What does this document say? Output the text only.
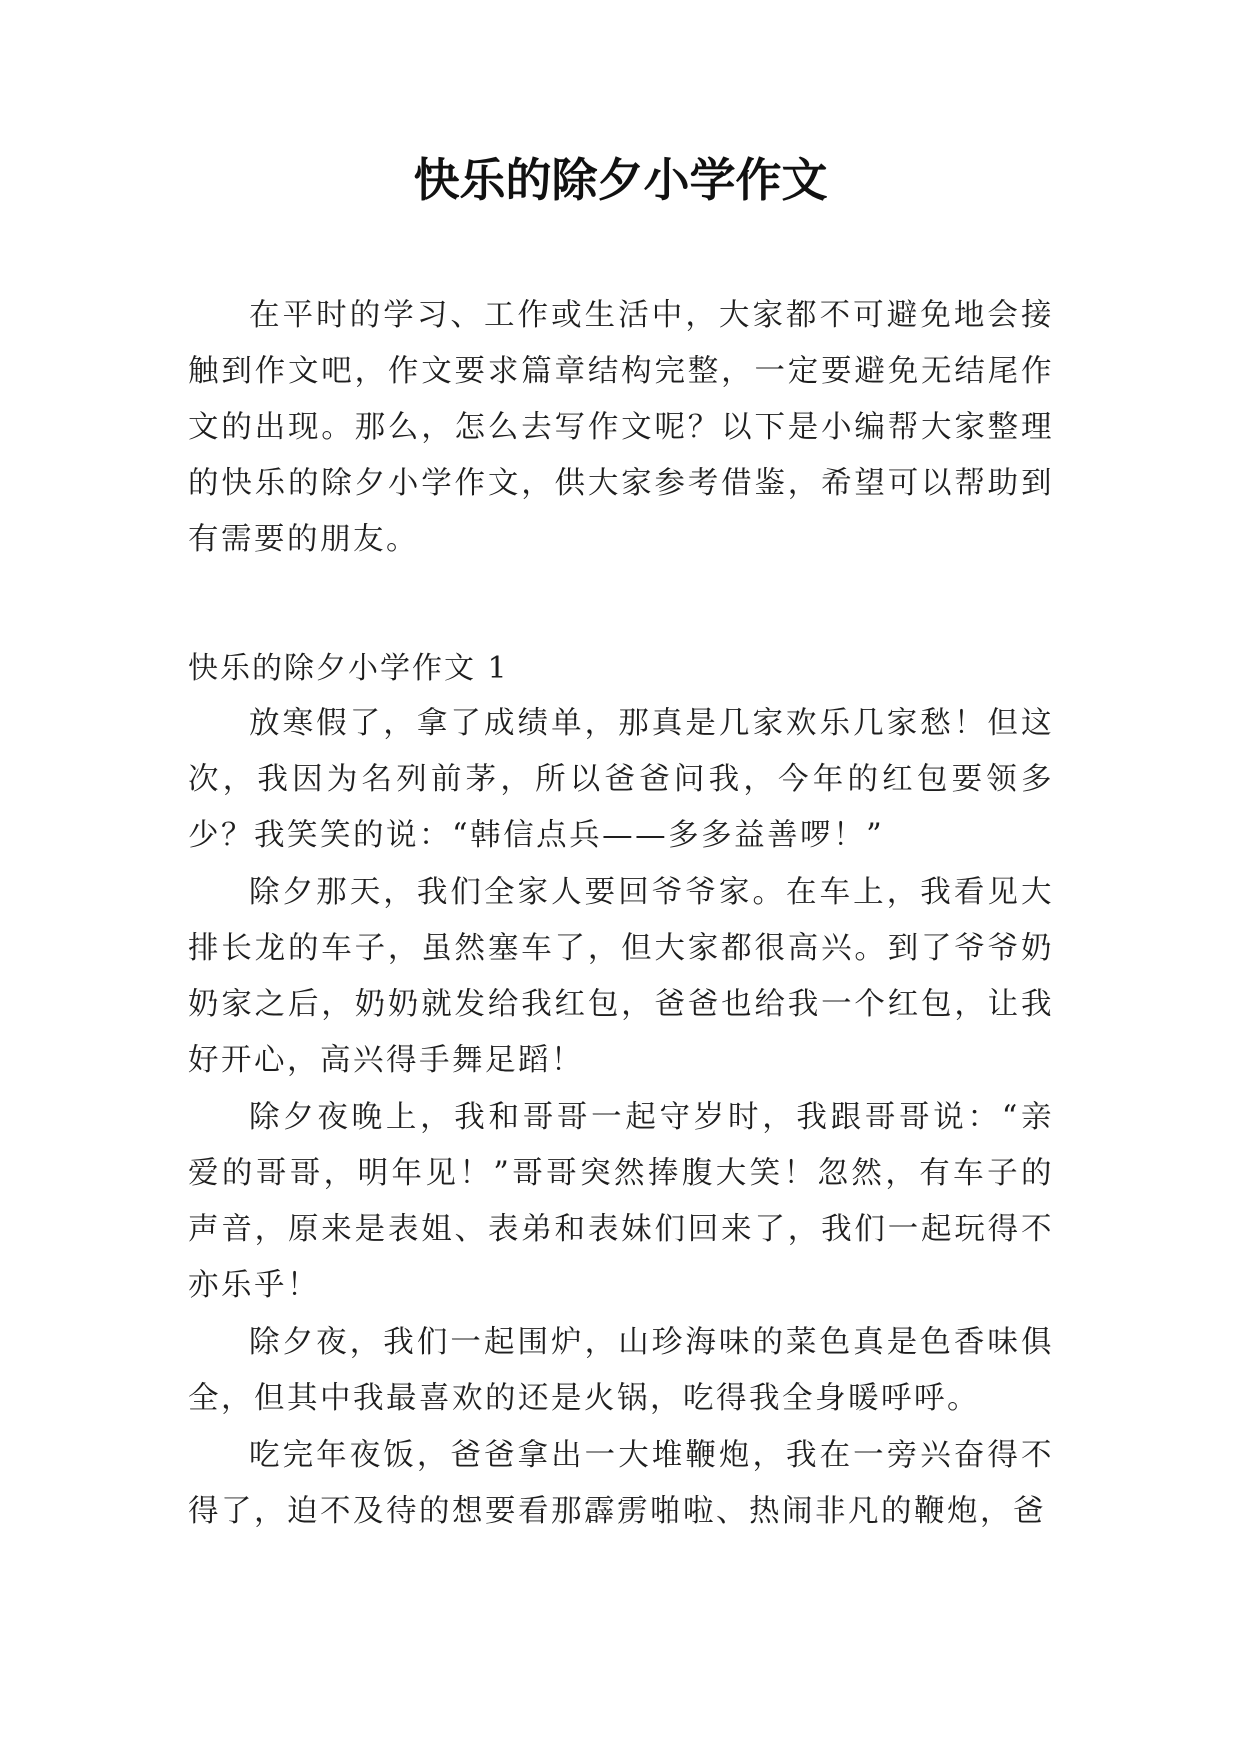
快乐的除夕小学作文

在平时的学习、工作或生活中，大家都不可避免地会接触到作文吧，作文要求篇章结构完整，一定要避免无结尾作文的出现。那么，怎么去写作文呢？以下是小编帮大家整理的快乐的除夕小学作文，供大家参考借鉴，希望可以帮助到有需要的朋友。

快乐的除夕小学作文 1

放寒假了，拿了成绩单，那真是几家欢乐几家愁！但这次，我因为名列前茅，所以爸爸问我，今年的红包要领多少？我笑笑的说：“韩信点兵——多多益善啰！”

除夕那天，我们全家人要回爷爷家。在车上，我看见大排长龙的车子，虽然塞车了，但大家都很高兴。到了爷爷奶奶家之后，奶奶就发给我红包，爸爸也给我一个红包，让我好开心，高兴得手舞足蹈！

除夕夜晚上，我和哥哥一起守岁时，我跟哥哥说：“亲爱的哥哥，明年见！”哥哥突然捧腹大笑！忽然，有车子的声音，原来是表姐、表弟和表妹们回来了，我们一起玩得不亦乐乎！

除夕夜，我们一起围炉，山珍海味的菜色真是色香味俱全，但其中我最喜欢的还是火锅，吃得我全身暖呼呼。

吃完年夜饭，爸爸拿出一大堆鞭炮，我在一旁兴奋得不得了，迫不及待的想要看那霹雳啪啦、热闹非凡的鞭炮，爸
